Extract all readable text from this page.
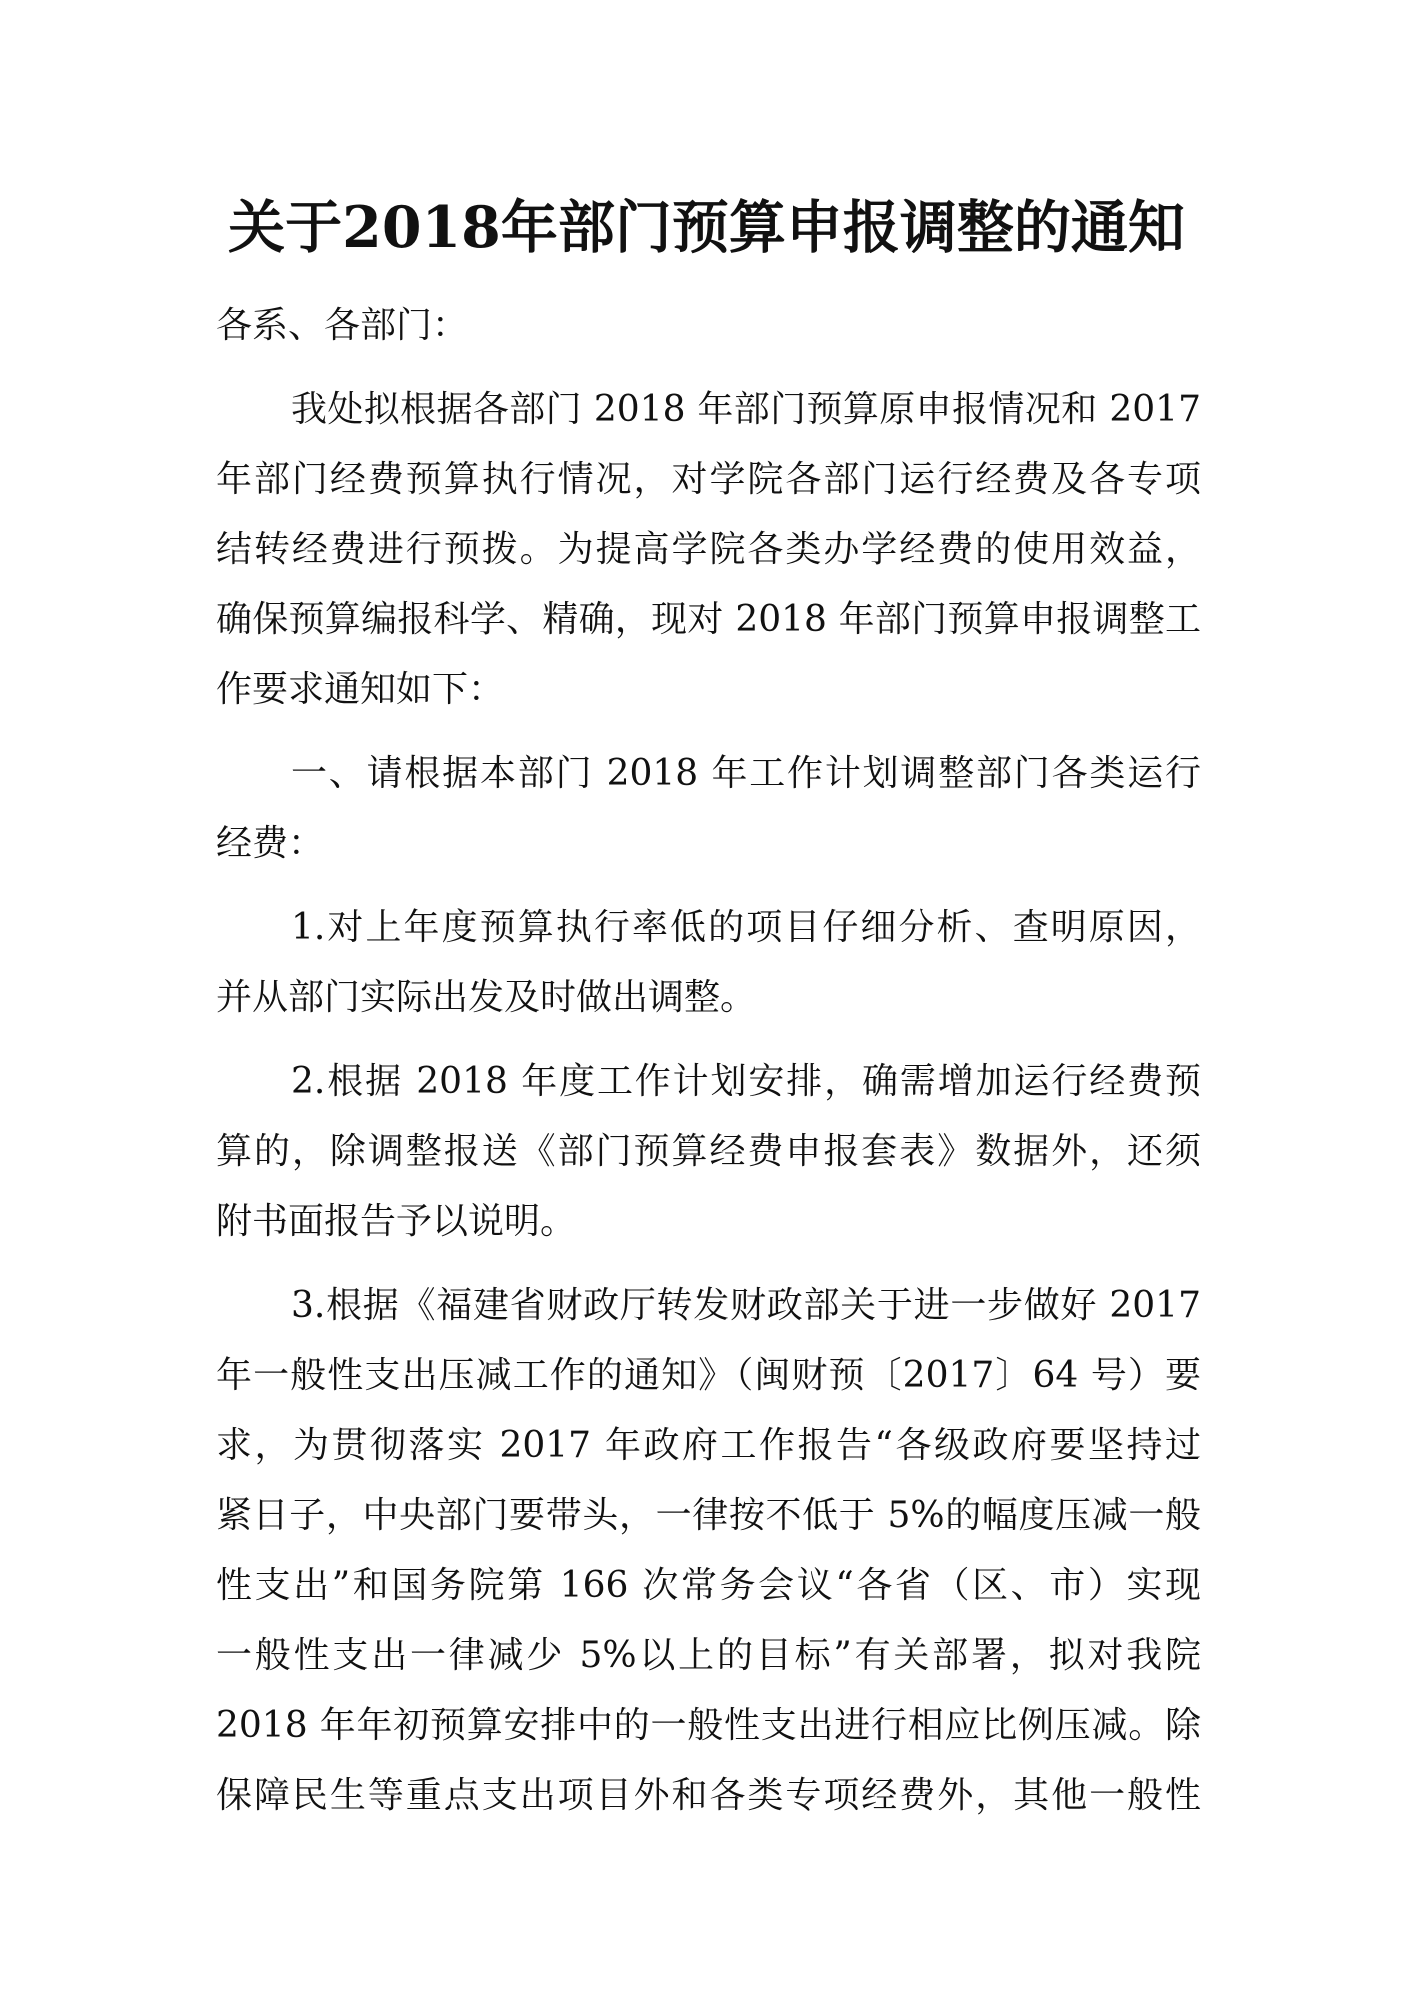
关于2018年部门预算申报调整的通知

各系、各部门：

我处拟根据各部门 2018 年部门预算原申报情况和 2017

年部门经费预算执行情况，对学院各部门运行经费及各专项

结转经费进行预拨。为提高学院各类办学经费的使用效益，

确保预算编报科学、精确，现对 2018 年部门预算申报调整工

作要求通知如下：

一、请根据本部门 2018 年工作计划调整部门各类运行

经费：

1.对上年度预算执行率低的项目仔细分析、查明原因，

并从部门实际出发及时做出调整。

2.根据 2018 年度工作计划安排，确需增加运行经费预

算的，除调整报送《部门预算经费申报套表》数据外，还须

附书面报告予以说明。

3.根据《福建省财政厅转发财政部关于进一步做好 2017

年一般性支出压减工作的通知》（闽财预〔2017〕64 号）要

求，为贯彻落实 2017 年政府工作报告“各级政府要坚持过

紧日子，中央部门要带头，一律按不低于 5%的幅度压减一般

性支出”和国务院第 166 次常务会议“各省（区、市）实现

一般性支出一律减少 5%以上的目标”有关部署，拟对我院

2018 年年初预算安排中的一般性支出进行相应比例压减。除

保障民生等重点支出项目外和各类专项经费外，其他一般性
